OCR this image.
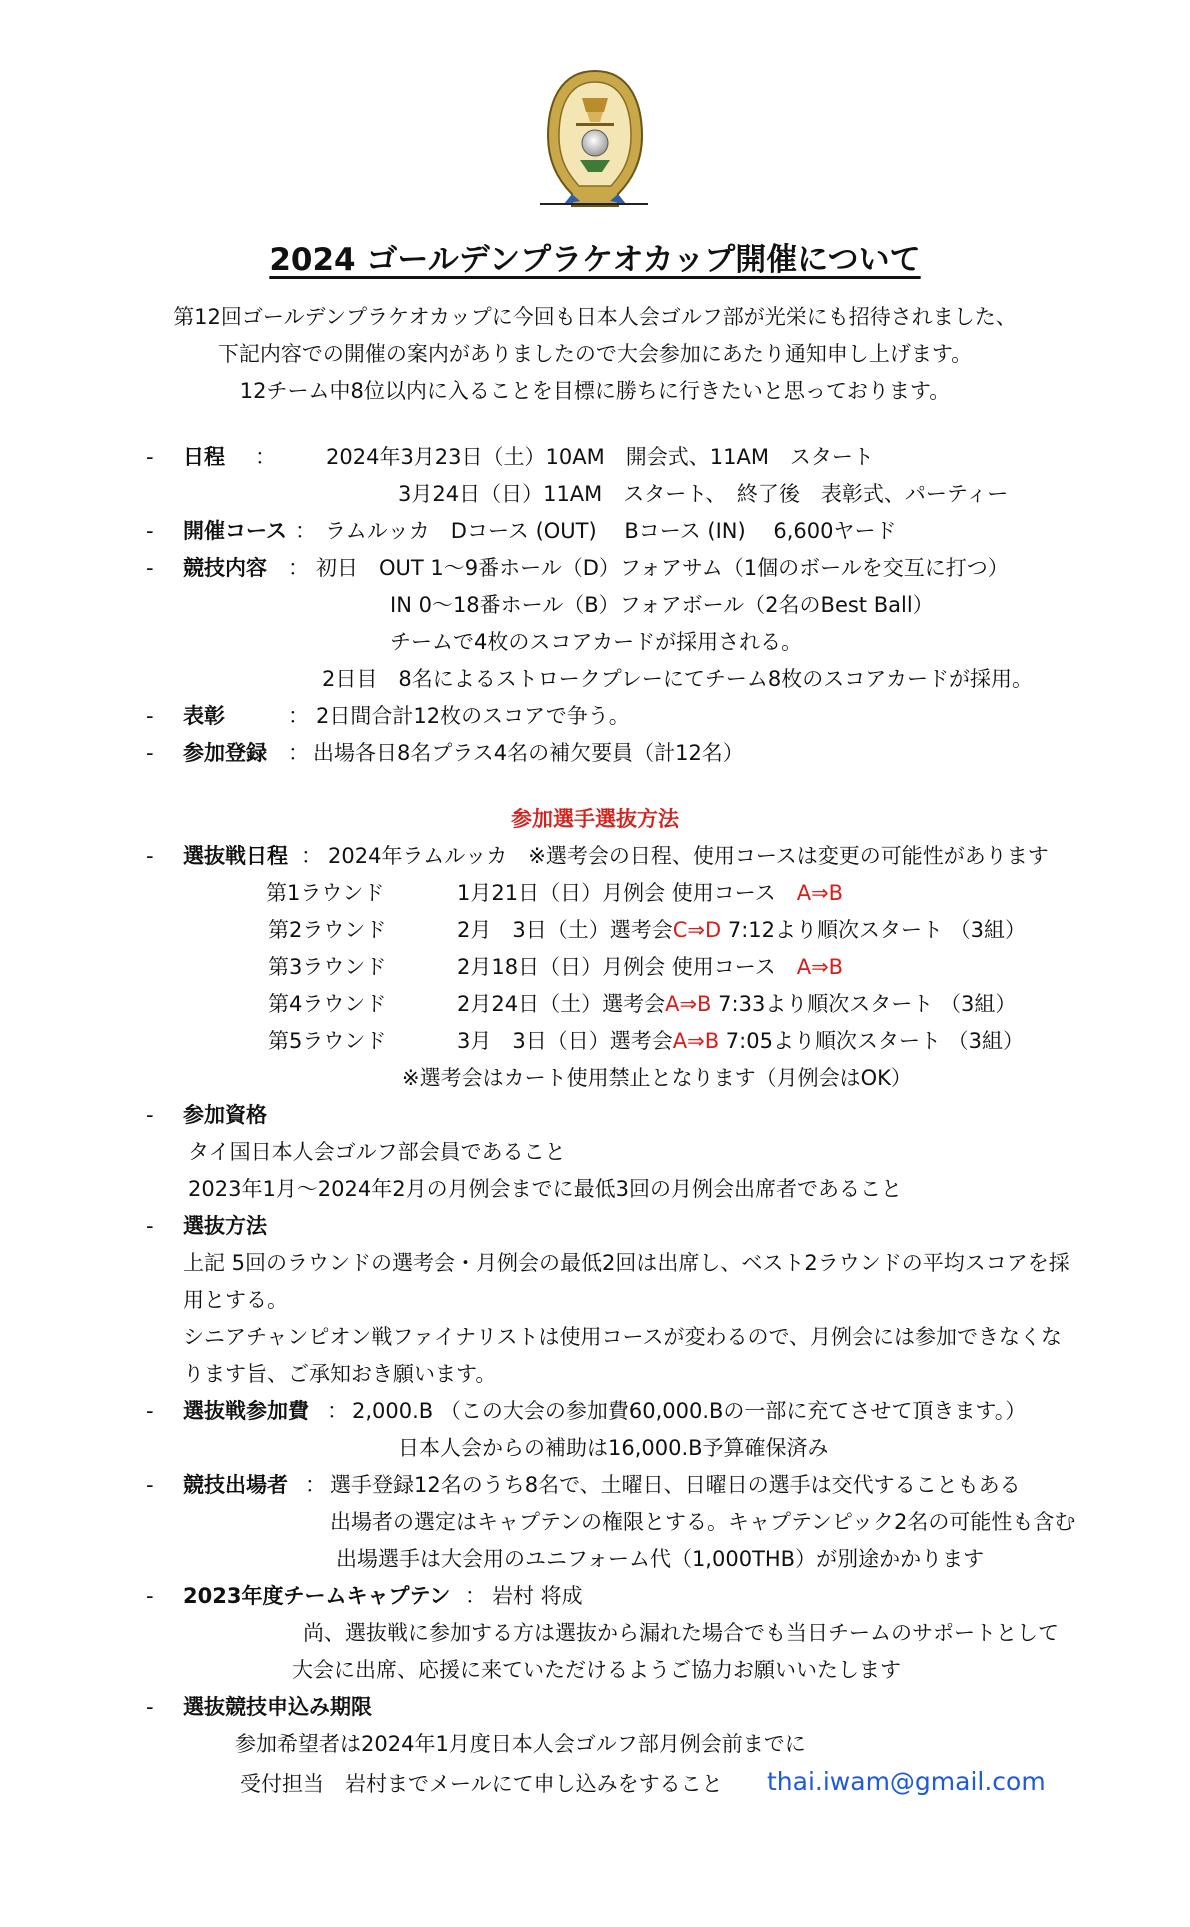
2024 ゴールデンプラケオカップ開催について
第12回ゴールデンプラケオカップに今回も日本人会ゴルフ部が光栄にも招待されました、
下記内容での開催の案内がありましたので大会参加にあたり通知申し上げます。
12チーム中8位以内に入ることを目標に勝ちに行きたいと思っております。
- 日程 ： 2024年3月23日（土）10AM　開会式、11AM　スタート
3月24日（日）11AM　スタート、　終了後　表彰式、パーティー
- 開催コース ： ラムルッカ　Dコース (OUT)　 Bコース (IN)　 6,600ヤード
- 競技内容 ： 初日　OUT 1〜9番ホール（D）フォアサム（1個のボールを交互に打つ）
IN 0〜18番ホール（B）フォアボール（2名のBest Ball）
チームで4枚のスコアカードが採用される。
2日目　8名によるストロークプレーにてチーム8枚のスコアカードが採用。
- 表彰	： 2日間合計12枚のスコアで争う。
- 参加登録 ： 出場各日8名プラス4名の補欠要員（計12名）
参加選手選抜方法
- 選抜戦日程 ： 2024年ラムルッカ　※選考会の日程、使用コースは変更の可能性があります
第1ラウンド	1月21日（日）月例会 使用コース　A⇒B
第2ラウンド	2月　3日（土）選考会C⇒D 7:12より順次スタート （3組）
第3ラウンド	2月18日（日）月例会 使用コース　A⇒B
第4ラウンド	2月24日（土）選考会A⇒B 7:33より順次スタート （3組）
第5ラウンド	3月　3日（日）選考会A⇒B 7:05より順次スタート （3組）
※選考会はカート使用禁止となります（月例会はOK）
- 参加資格
タイ国日本人会ゴルフ部会員であること
2023年1月〜2024年2月の月例会までに最低3回の月例会出席者であること
- 選抜方法
上記 5回のラウンドの選考会・月例会の最低2回は出席し、ベスト2ラウンドの平均スコアを採
用とする。
シニアチャンピオン戦ファイナリストは使用コースが変わるので、月例会には参加できなくな
ります旨、ご承知おき願います。
- 選抜戦参加費 ： 2,000.B （この大会の参加費60,000.Bの一部に充てさせて頂きます。）
日本人会からの補助は16,000.B予算確保済み
- 競技出場者 ： 選手登録12名のうち8名で、土曜日、日曜日の選手は交代することもある
出場者の選定はキャプテンの権限とする。キャプテンピック2名の可能性も含む
出場選手は大会用のユニフォーム代（1,000THB）が別途かかります
- 2023年度チームキャプテン ： 岩村 将成
尚、選抜戦に参加する方は選抜から漏れた場合でも当日チームのサポートとして
大会に出席、応援に来ていただけるようご協力お願いいたします
- 選抜競技申込み期限
参加希望者は2024年1月度日本人会ゴルフ部月例会前までに
受付担当　岩村までメールにて申し込みをすること thai.iwam@gmail.com
